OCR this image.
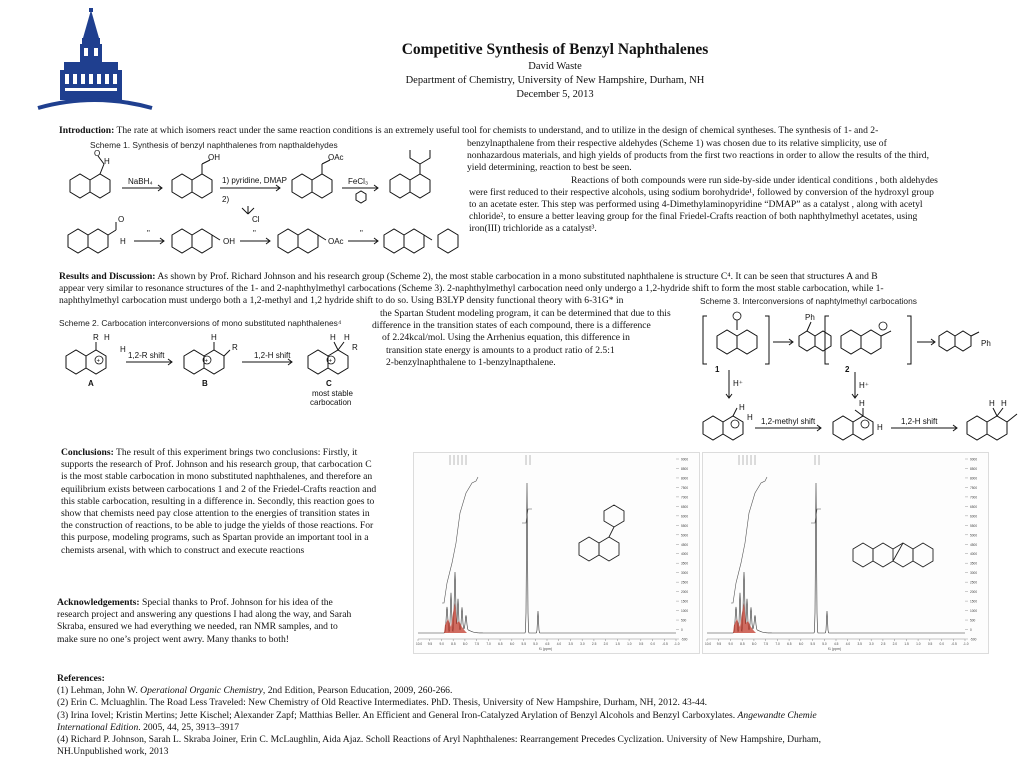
Competitive Synthesis of Benzyl Naphthalenes
David Waste
Department of Chemistry, University of New Hampshire, Durham, NH
December 5, 2013
Introduction: The rate at which isomers react under the same reaction conditions is an extremely useful tool for chemists to understand, and to utilize in the design of chemical syntheses. The synthesis of 1- and 2-
benzylnapthalene from their respective aldehydes (Scheme 1) was chosen due to its relative simplicity, use of
nonhazardous materials, and high yields of products from the first two reactions in order to allow the results of the third,
yield determining, reaction to best be seen.
Reactions of both compounds were run side-by-side under identical conditions , both aldehydes
were first reduced to their respective alcohols, using sodium borohydride¹, followed by conversion of the hydroxyl group
to an acetate ester. This step was performed using 4-Dimethylaminopyridine “DMAP” as a catalyst , along with acetyl
chloride², to ensure a better leaving group for the final Friedel-Crafts reaction of both naphthylmethyl acetates, using
iron(III) trichloride as a catalyst³.
Scheme 1. Synthesis of benzyl naphthalenes from napthaldehydes
O
H
NaBH₄
OH
1) pyridine, DMAP
2)
Cl
OAc
FeCl₃
O
H
"
OH
"
OAc
"
Results and Discussion: As shown by Prof. Richard Johnson and his research group (Scheme 2), the most stable carbocation in a mono substituted naphthalene is structure C⁴. It can be seen that structures A and B
appear very similar to resonance structures of the 1- and 2-naphthylmethyl carbocations (Scheme 3). 2-naphthylmethyl carbocation need only undergo a 1,2-hydride shift to form the most stable carbocation, while 1-
naphthylmethyl carbocation must undergo both a 1,2-methyl and 1,2 hydride shift to do so. Using B3LYP density functional theory with 6-31G* in
the Spartan Student modeling program, it can be determined that due to this
difference in the transition states of each compound, there is a difference
of 2.24kcal/mol. Using the Arrhenius equation, this difference in
transition state energy is amounts to a product ratio of 2.5:1
2-benzylnaphthalene to 1-benzylnapthalene.
Scheme 2. Carbocation interconversions of mono substituted naphthalenes⁴
+	+	+
R H
H
1,2-R shift
H
R
1,2-H shift
H H
R
A	B	C
most stable
carbocation
Scheme 3. Interconversions of naphtylmethyl carbocations
Ph
Ph
1	2
H⁺	H⁺
H
H 1,2-methyl shift
H
H
1,2-H shift
H H
Conclusions: The result of this experiment brings two conclusions: Firstly, it
supports the research of Prof. Johnson and his research group, that carbocation C
is the most stable carbocation in mono substituted naphthalenes, and therefore an
equilibrium exists between carbocations 1 and 2 of the Friedel-Crafts reaction and
this stable carbocation, resulting in a difference in. Secondly, this reaction goes to
show that chemists need pay close attention to the energies of transition states in
the construction of reactions, to be able to judge the yields of those reactions. For
this purpose, modeling programs, such as Spartan provide an important tool in a
chemists arsenal, with which to construct and execute reactions
Acknowledgements: Special thanks to Prof. Johnson for his idea of the
research project and answering any questions I had along the way, and Sarah
Skraba, ensured we had everything we needed, ran NMR samples, and to
make sure no one’s project went awry. Many thanks to both!
9000
8500
8000
7500
7000
6500
6000
5500
5000
4500
4000
3500
3000
2500
2000
1500
1000
500
0
-500
10.0 9.5 9.0 8.5 8.0 7.5 7.0 6.5 6.0 5.5 5.0 4.5 4.0 3.5 3.0 2.5 2.0 1.5 1.0 0.5 0.0 -0.5 -1.0
f1 (ppm)
9000
8500
8000
7500
7000
6500
6000
5500
5000
4500
4000
3500
3000
2500
2000
1500
1000
500
0
-500
10.0 9.5 9.0 8.5 8.0 7.5 7.0 6.5 6.0 5.5 5.0 4.5 4.0 3.5 3.0 2.5 2.0 1.5 1.0 0.5 0.0 -0.5 -1.0
f1 (ppm)
References:
(1) Lehman, John W. Operational Organic Chemistry, 2nd Edition, Pearson Education, 2009, 260-266.
(2) Erin C. Mcluaghlin. The Road Less Traveled: New Chemistry of Old Reactive Intermediates. PhD. Thesis, University of New Hampshire, Durham, NH, 2012. 43-44.
(3) Irina Iovel; Kristin Mertins; Jette Kischel; Alexander Zapf; Matthias Beller. An Efficient and General Iron-Catalyzed Arylation of Benzyl Alcohols and Benzyl Carboxylates. Angewandte Chemie
International Edition. 2005, 44, 25, 3913–3917
(4) Richard P. Johnson, Sarah L. Skraba Joiner, Erin C. McLaughlin, Aida Ajaz. Scholl Reactions of Aryl Naphthalenes: Rearrangement Precedes Cyclization. University of New Hampshire, Durham,
NH.Unpublished work, 2013
